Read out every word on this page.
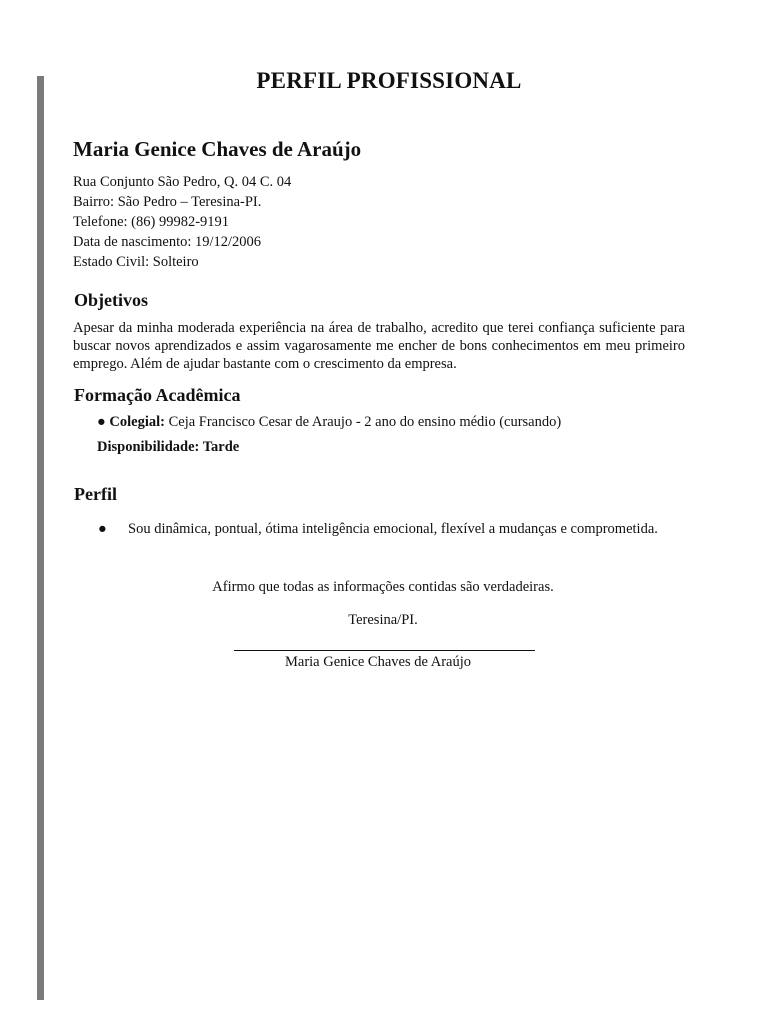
PERFIL PROFISSIONAL
Maria Genice Chaves de Araújo
Rua Conjunto São Pedro, Q. 04 C. 04
Bairro: São Pedro – Teresina-PI.
Telefone: (86) 99982-9191
Data de nascimento: 19/12/2006
Estado Civil: Solteiro
Objetivos

Apesar da minha moderada experiência na área de trabalho, acredito que terei confiança suficiente para buscar novos aprendizados e assim vagarosamente me encher de bons conhecimentos em meu primeiro emprego. Além de ajudar bastante com o crescimento da empresa.

Formação Acadêmica
● Colegial: Ceja Francisco Cesar de Araujo - 2 ano do ensino médio (cursando)
Disponibilidade: Tarde
Perfil
● Sou dinâmica, pontual, ótima inteligência emocional, flexível a mudanças e comprometida.
Afirmo que todas as informações contidas são verdadeiras.
Teresina/PI.
Maria Genice Chaves de Araújo
